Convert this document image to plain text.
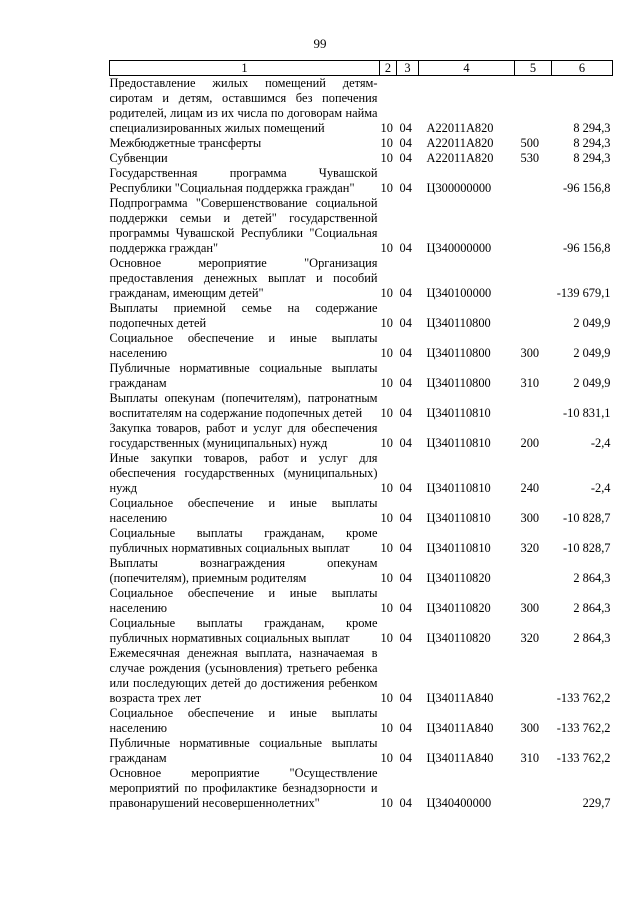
99
1	2	3	4	5	6
Предоставление жилых помещений детям-сиротам и детям, оставшимся без попечения родителей, лицам из их числа по договорам найма специализированных жилых помещений	10	04	А22011А820		8 294,3
Межбюджетные трансферты	10	04	А22011А820	500	8 294,3
Субвенции	10	04	А22011А820	530	8 294,3
Государственная программа Чувашской Республики "Социальная поддержка граждан"	10	04	Ц300000000		-96 156,8
Подпрограмма "Совершенствование социальной поддержки семьи и детей" государственной программы Чувашской Республики "Социальная поддержка граждан"	10	04	Ц340000000		-96 156,8
Основное мероприятие "Организация предоставления денежных выплат и пособий гражданам, имеющим детей"	10	04	Ц340100000		-139 679,1
Выплаты приемной семье на содержание подопечных детей	10	04	Ц340110800		2 049,9
Социальное обеспечение и иные выплаты населению	10	04	Ц340110800	300	2 049,9
Публичные нормативные социальные выплаты гражданам	10	04	Ц340110800	310	2 049,9
Выплаты опекунам (попечителям), патронатным воспитателям на содержание подопечных детей	10	04	Ц340110810		-10 831,1
Закупка товаров, работ и услуг для обеспечения государственных (муниципальных) нужд	10	04	Ц340110810	200	-2,4
Иные закупки товаров, работ и услуг для обеспечения государственных (муниципальных) нужд	10	04	Ц340110810	240	-2,4
Социальное обеспечение и иные выплаты населению	10	04	Ц340110810	300	-10 828,7
Социальные выплаты гражданам, кроме публичных нормативных социальных выплат	10	04	Ц340110810	320	-10 828,7
Выплаты вознаграждения опекунам (попечителям), приемным родителям	10	04	Ц340110820		2 864,3
Социальное обеспечение и иные выплаты населению	10	04	Ц340110820	300	2 864,3
Социальные выплаты гражданам, кроме публичных нормативных социальных выплат	10	04	Ц340110820	320	2 864,3
Ежемесячная денежная выплата, назначаемая в случае рождения (усыновления) третьего ребенка или последующих детей до достижения ребенком возраста трех лет	10	04	Ц34011А840		-133 762,2
Социальное обеспечение и иные выплаты населению	10	04	Ц34011А840	300	-133 762,2
Публичные нормативные социальные выплаты гражданам	10	04	Ц34011А840	310	-133 762,2
Основное мероприятие "Осуществление мероприятий по профилактике безнадзорности и правонарушений несовершеннолетних"	10	04	Ц340400000		229,7
